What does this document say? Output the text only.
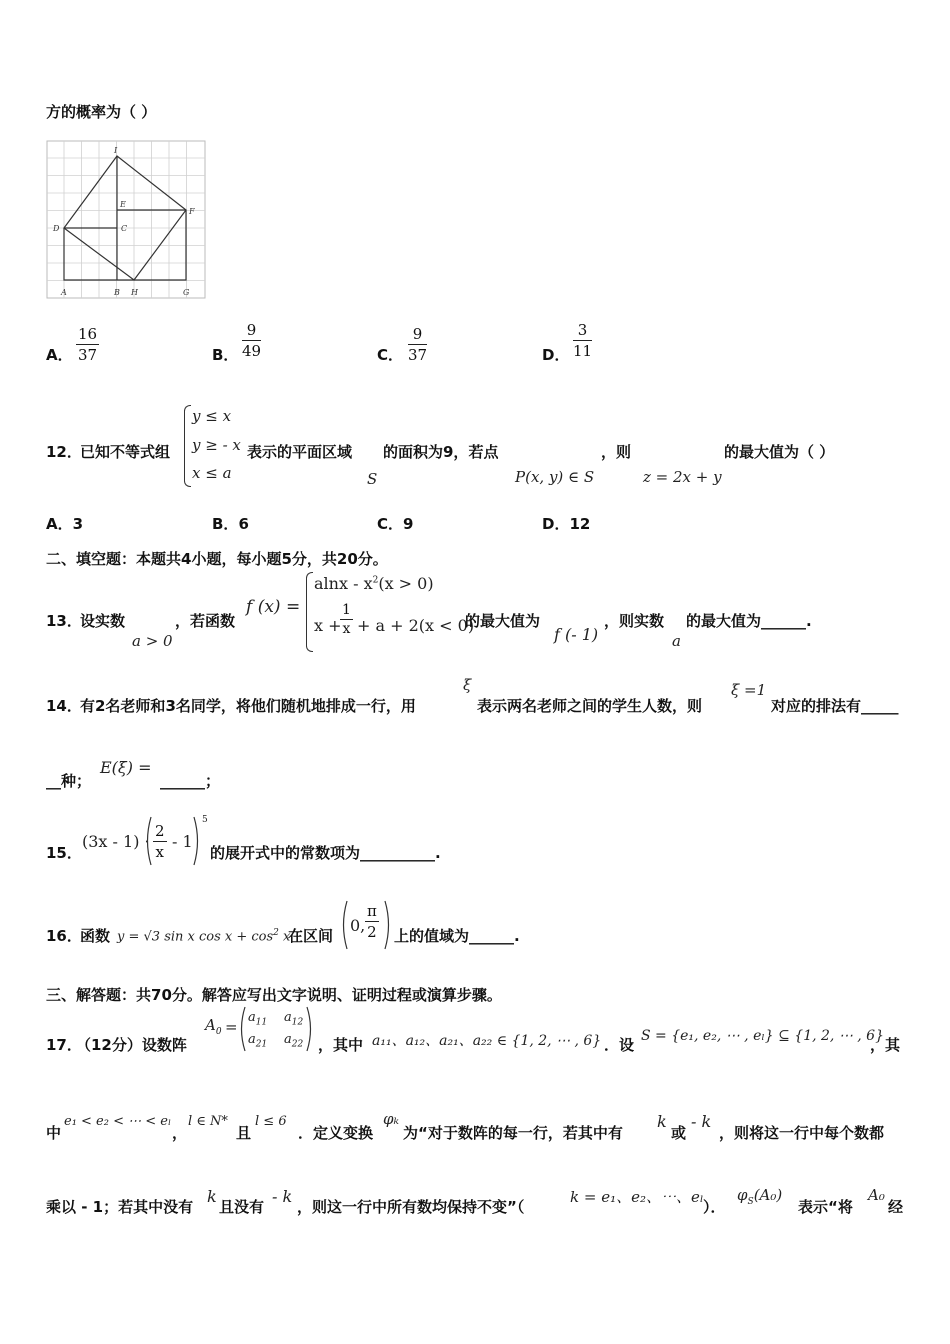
方的概率为（ ）
I
E
F
D	C
A	B H	G
A． $\frac{16}{37}$	B． $\frac{9}{49}$	C． $\frac{9}{37}$	D． $\frac{3}{11}$
12．
已知不等式组
y ≤ x
y ≥ - x
x ≤ a
表示的平面区域
S
的面积为9，若点
P(x, y) ∈ S
，则
z = 2x + y
的最大值为（ ）
A．3	B．6	C．9	D．12
二、填空题：本题共4小题，每小题5分，共20分。
13．
设实数
a > 0
，若函数
f (x) =
$alnx - x^2(x > 0)$
x +
$\frac{1}{x} + a + 2(x < 0)$
的最大值为
f (- 1)
，则实数
a
的最大值为______.
14．
有2名老师和3名同学，将他们随机地排成一行，用
ξ
表示两名老师之间的学生人数，则
ξ =1
对应的排法有_____
__种；
E(ξ) =
______；
15．
$(3x - 1) \cdot \frac{2}{x} - 1$
5
的展开式中的常数项为__________.
16．
函数 y = √3 sin x $\cos x + \cos^2 x$
在区间
0, $\frac{\pi}{2}$ 上的值域为______.
三、解答题：共70分。解答应写出文字说明、证明过程或演算步骤。
17．
（12分）设数阵
$A_0$ =
$a_{11}$ $a_{12}$
$a_{21}$ $a_{22}$ ，其中 a₁₁、a₁₂、a₂₁、a₂₂ ∈ {1, 2, ⋯ , 6} ．设 S = {e₁, e₂, ⋯ , eₗ} ⊆ {1, 2, ⋯ , 6}
，其
中
e₁ < e₂ < ⋯ < eₗ
，
l ∈ N*
且
l ≤ 6
．定义变换
φₖ
为“对于数阵的每一行，若其中有
k
或
- k
，则将这一行中每个数都
乘以 - 1；若其中没有
k
且没有
- k
，则这一行中所有数均保持不变”（
k = e₁、e₂、⋯、eₗ
）．
$\varphi_S(A_0)$
表示“将
A₀
经
